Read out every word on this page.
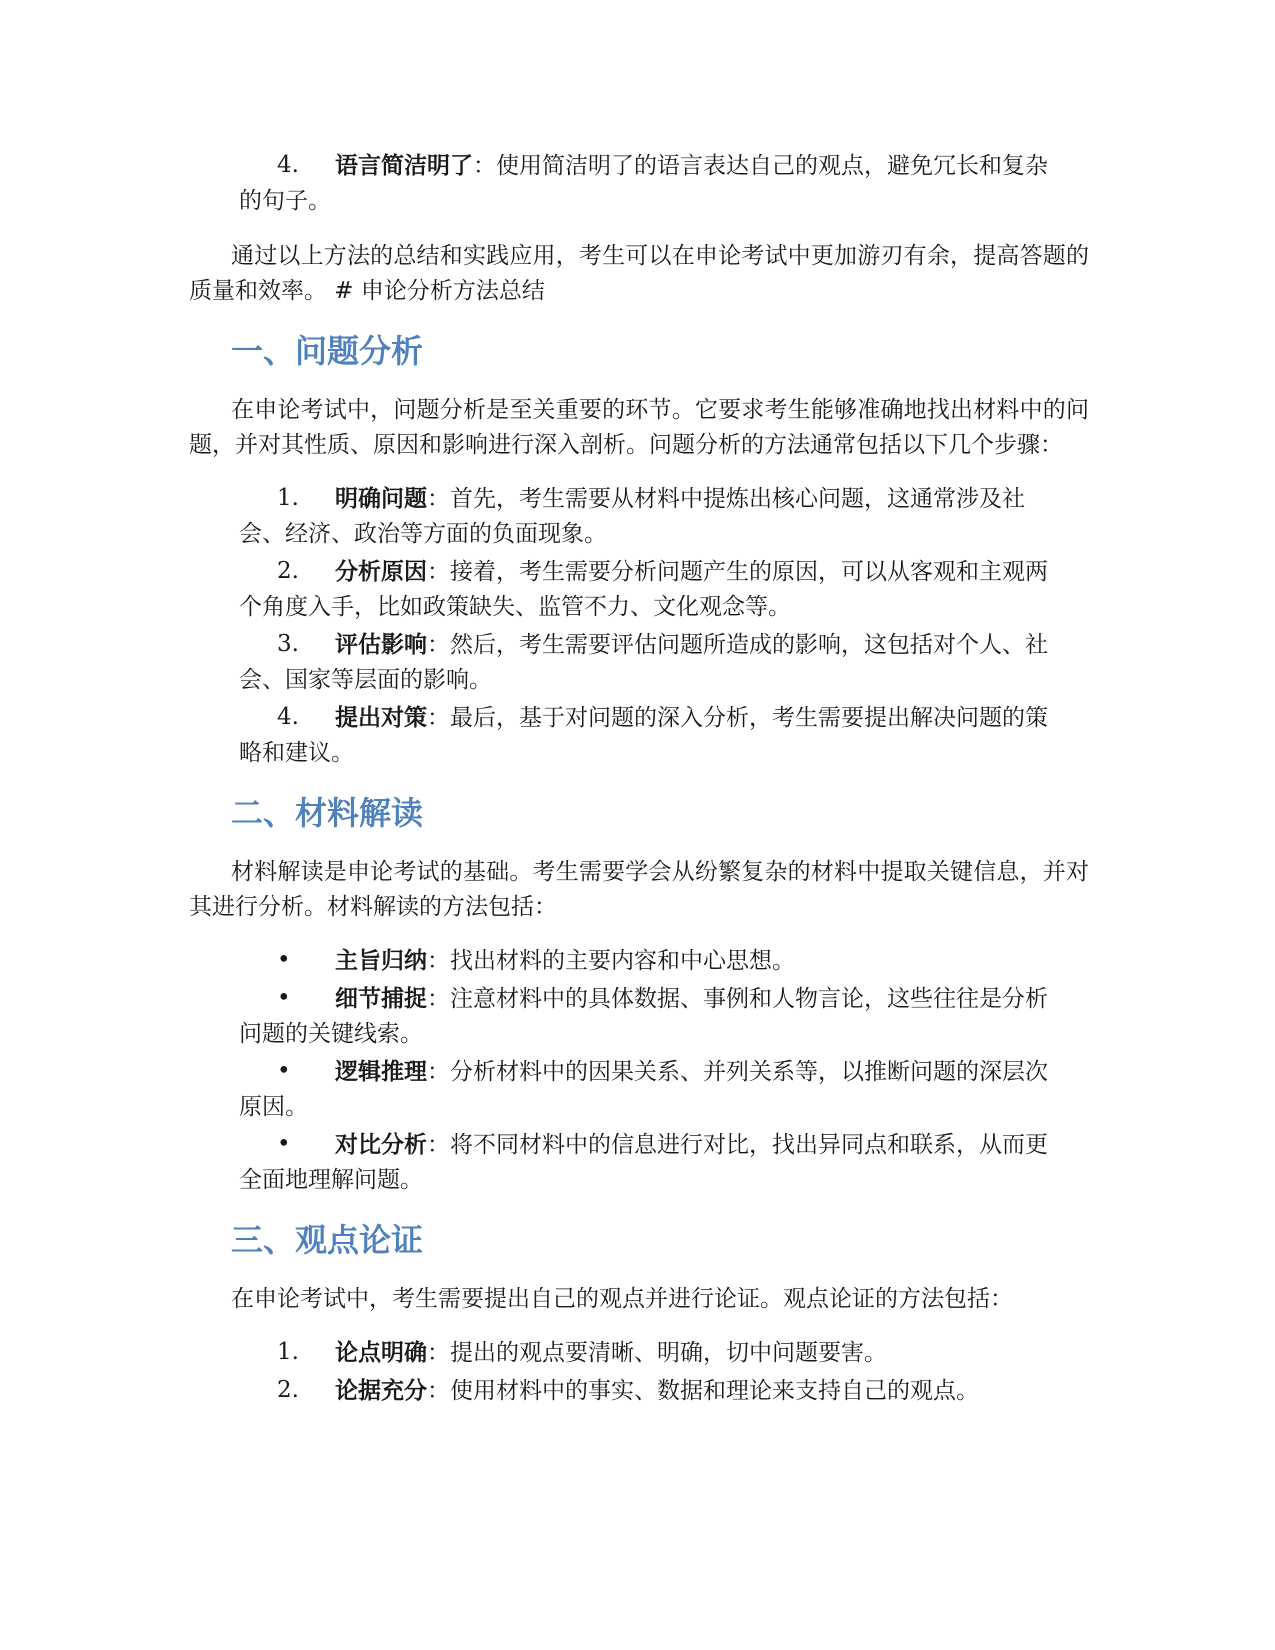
4.	语言简洁明了：使用简洁明了的语言表达自己的观点，避免冗长和复杂的句子。

通过以上方法的总结和实践应用，考生可以在申论考试中更加游刃有余，提高答题的质量和效率。 # 申论分析方法总结

一、问题分析

在申论考试中，问题分析是至关重要的环节。它要求考生能够准确地找出材料中的问题，并对其性质、原因和影响进行深入剖析。问题分析的方法通常包括以下几个步骤：

1.	明确问题：首先，考生需要从材料中提炼出核心问题，这通常涉及社会、经济、政治等方面的负面现象。
2.	分析原因：接着，考生需要分析问题产生的原因，可以从客观和主观两个角度入手，比如政策缺失、监管不力、文化观念等。
3.	评估影响：然后，考生需要评估问题所造成的影响，这包括对个人、社会、国家等层面的影响。
4.	提出对策：最后，基于对问题的深入分析，考生需要提出解决问题的策略和建议。
二、材料解读

材料解读是申论考试的基础。考生需要学会从纷繁复杂的材料中提取关键信息，并对其进行分析。材料解读的方法包括：

•	主旨归纳：找出材料的主要内容和中心思想。
•	细节捕捉：注意材料中的具体数据、事例和人物言论，这些往往是分析问题的关键线索。
•	逻辑推理：分析材料中的因果关系、并列关系等，以推断问题的深层次原因。
•	对比分析：将不同材料中的信息进行对比，找出异同点和联系，从而更全面地理解问题。
三、观点论证

在申论考试中，考生需要提出自己的观点并进行论证。观点论证的方法包括：

1.	论点明确：提出的观点要清晰、明确，切中问题要害。
2.	论据充分：使用材料中的事实、数据和理论来支持自己的观点。
